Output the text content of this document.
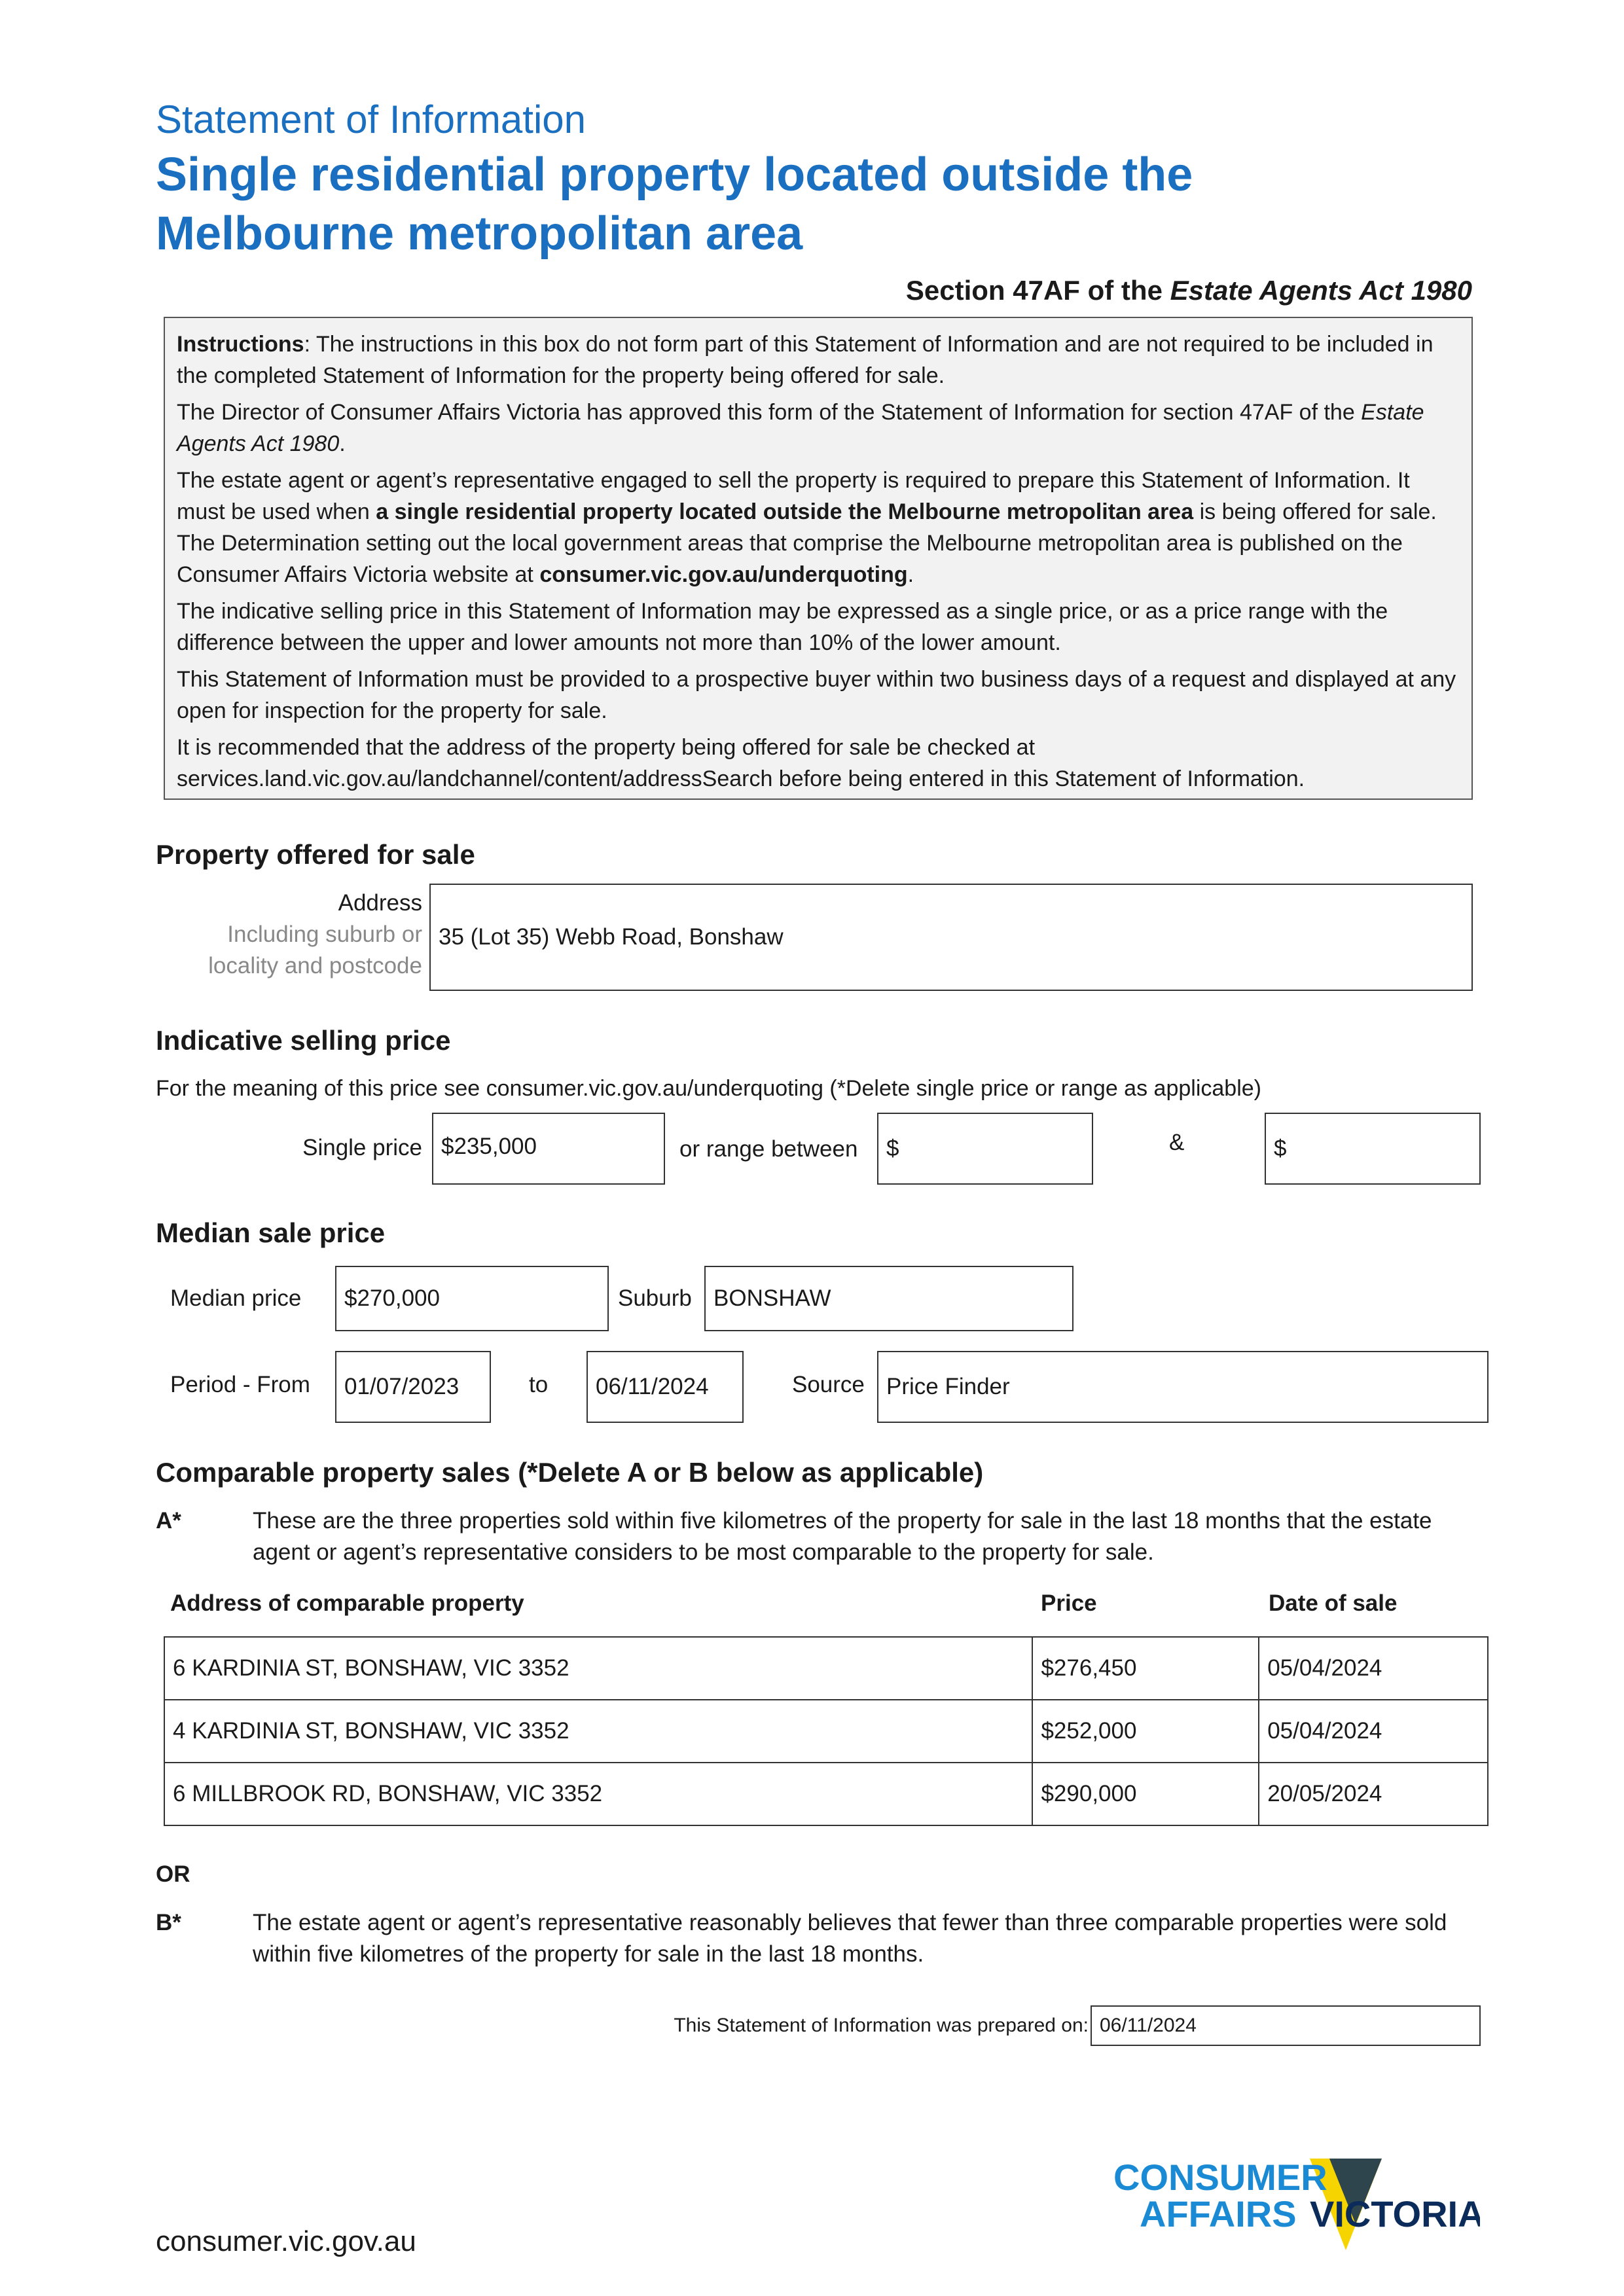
Statement of Information
Single residential property located outside the
Melbourne metropolitan area
Section 47AF of the Estate Agents Act 1980

Instructions: The instructions in this box do not form part of this Statement of Information and are not required to be included in the completed Statement of Information for the property being offered for sale.

The Director of Consumer Affairs Victoria has approved this form of the Statement of Information for section 47AF of the Estate Agents Act 1980.

The estate agent or agent’s representative engaged to sell the property is required to prepare this Statement of Information. It must be used when a single residential property located outside the Melbourne metropolitan area is being offered for sale. The Determination setting out the local government areas that comprise the Melbourne metropolitan area is published on the Consumer Affairs Victoria website at consumer.vic.gov.au/underquoting.

The indicative selling price in this Statement of Information may be expressed as a single price, or as a price range with the difference between the upper and lower amounts not more than 10% of the lower amount.

This Statement of Information must be provided to a prospective buyer within two business days of a request and displayed at any open for inspection for the property for sale.

It is recommended that the address of the property being offered for sale be checked at services.land.vic.gov.au/landchannel/content/addressSearch before being entered in this Statement of Information.

Property offered for sale
Address
Including suburb or
locality and postcode
35 (Lot 35) Webb Road, Bonshaw
Indicative selling price
For the meaning of this price see consumer.vic.gov.au/underquoting (*Delete single price or range as applicable)
Single price $235,000	or range between	$	&	$
Median sale price
Median price	$270,000	Suburb BONSHAW
Period - From	01/07/2023	to	06/11/2024	Source Price Finder
Comparable property sales (*Delete A or B below as applicable)
A*	These are the three properties sold within five kilometres of the property for sale in the last 18 months that the estate agent or agent’s representative considers to be most comparable to the property for sale.
Address of comparable property	Price	Date of sale
6 KARDINIA ST, BONSHAW, VIC 3352	$276,450	05/04/2024
4 KARDINIA ST, BONSHAW, VIC 3352	$252,000	05/04/2024
6 MILLBROOK RD, BONSHAW, VIC 3352	$290,000	20/05/2024
OR
B*	The estate agent or agent’s representative reasonably believes that fewer than three comparable properties were sold within five kilometres of the property for sale in the last 18 months.
This Statement of Information was prepared on: 06/11/2024
CONSUMER
AFFAIRS VICTORIA
consumer.vic.gov.au
